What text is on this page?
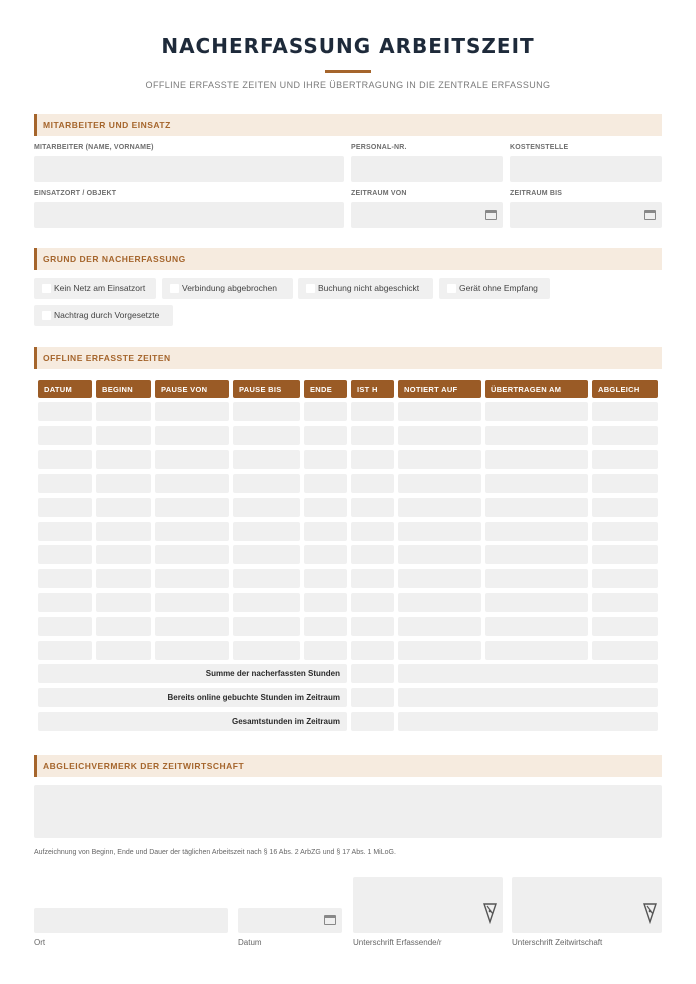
NACHERFASSUNG ARBEITSZEIT
OFFLINE ERFASSTE ZEITEN UND IHRE ÜBERTRAGUNG IN DIE ZENTRALE ERFASSUNG
MITARBEITER UND EINSATZ
MITARBEITER (NAME, VORNAME)	PERSONAL-NR.	KOSTENSTELLE
EINSATZORT / OBJEKT	ZEITRAUM VON	ZEITRAUM BIS
GRUND DER NACHERFASSUNG
Kein Netz am Einsatzort	Verbindung abgebrochen	Buchung nicht abgeschickt	Gerät ohne Empfang
Nachtrag durch Vorgesetzte
OFFLINE ERFASSTE ZEITEN
DATUM	BEGINN	PAUSE VON	PAUSE BIS	ENDE	IST H	NOTIERT AUF	ÜBERTRAGEN AM	ABGLEICH
Summe der nacherfassten Stunden
Bereits online gebuchte Stunden im Zeitraum
Gesamtstunden im Zeitraum
ABGLEICHVERMERK DER ZEITWIRTSCHAFT
Aufzeichnung von Beginn, Ende und Dauer der täglichen Arbeitszeit nach § 16 Abs. 2 ArbZG und § 17 Abs. 1 MiLoG.
Ort	Datum	Unterschrift Erfassende/r	Unterschrift Zeitwirtschaft
